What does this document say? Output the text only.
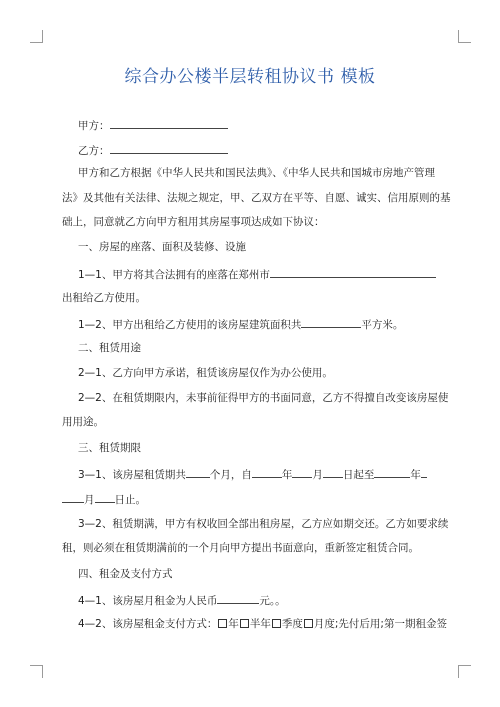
综合办公楼半层转租协议书 模板
甲方：
乙方：
甲方和乙方根据《中华人民共和国民法典》、《中华人民共和国城市房地产管理
法》及其他有关法律、法规之规定，甲、乙双方在平等、自愿、诚实、信用原则的基
础上，同意就乙方向甲方租用其房屋事项达成如下协议：
一、房屋的座落、面积及装修、设施
1—1、甲方将其合法拥有的座落在郑州市
出租给乙方使用。
1—2、甲方出租给乙方使用的该房屋建筑面积共	平方米。
二、租赁用途
2—1、乙方向甲方承诺，租赁该房屋仅作为办公使用。
2—2、在租赁期限内，未事前征得甲方的书面同意，乙方不得擅自改变该房屋使
用用途。
三、租赁期限
3—1、该房屋租赁期共 个月，自	年 月 日起至	年
月 日止。
3—2、租赁期满，甲方有权收回全部出租房屋，乙方应如期交还。乙方如要求续
租，则必须在租赁期满前的一个月向甲方提出书面意向，重新签定租赁合同。
四、租金及支付方式
4—1、该房屋月租金为人民币	元。。
4—2、该房屋租金支付方式： 年 半年 季度 月度;先付后用;第一期租金签
